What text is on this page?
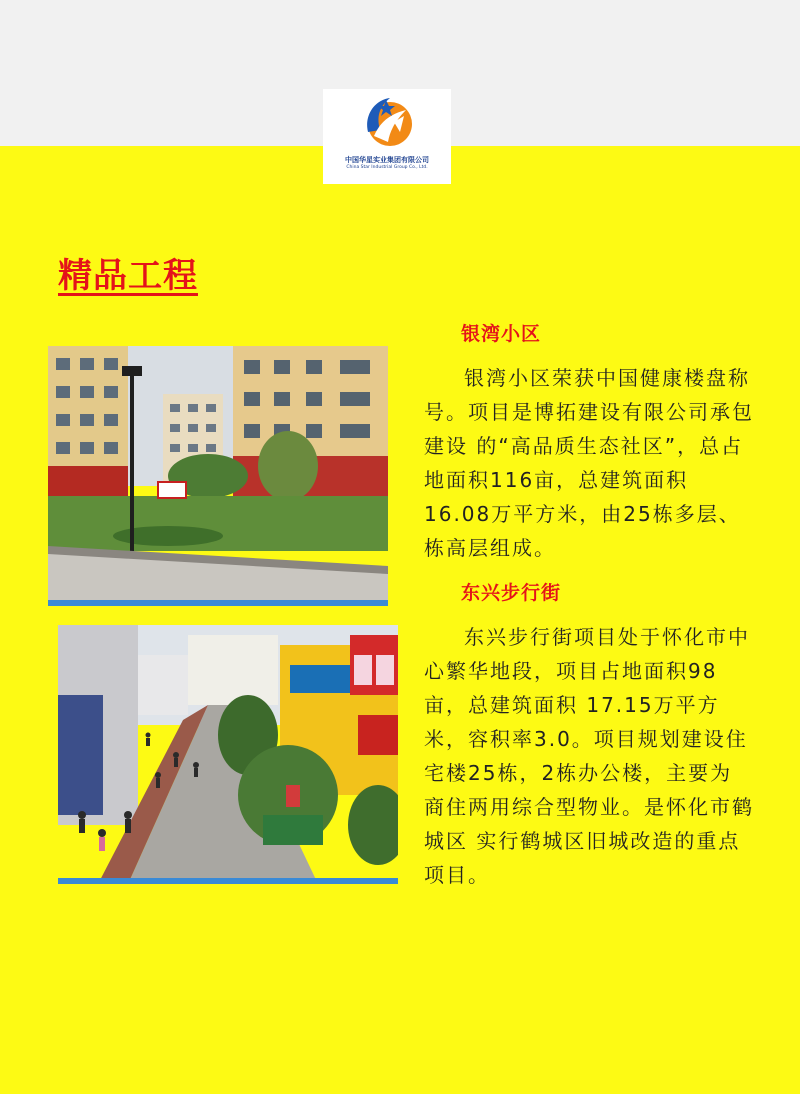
中国华星实业集团有限公司
China Star Industrial Group Co., Ltd.
精品工程
银湾小区

银湾小区荣获中国健康楼盘称号。项目是博拓建设有限公司承包建设 的“高品质生态社区”，总占地面积116亩，总建筑面积16.08万平方米，由25栋多层、栋高层组成。

东兴步行街

东兴步行街项目处于怀化市中心繁华地段，项目占地面积98亩，总建筑面积 17.15万平方米，容积率3.0。项目规划建设住宅楼25栋，2栋办公楼，主要为 商住两用综合型物业。是怀化市鹤城区 实行鹤城区旧城改造的重点项目。
